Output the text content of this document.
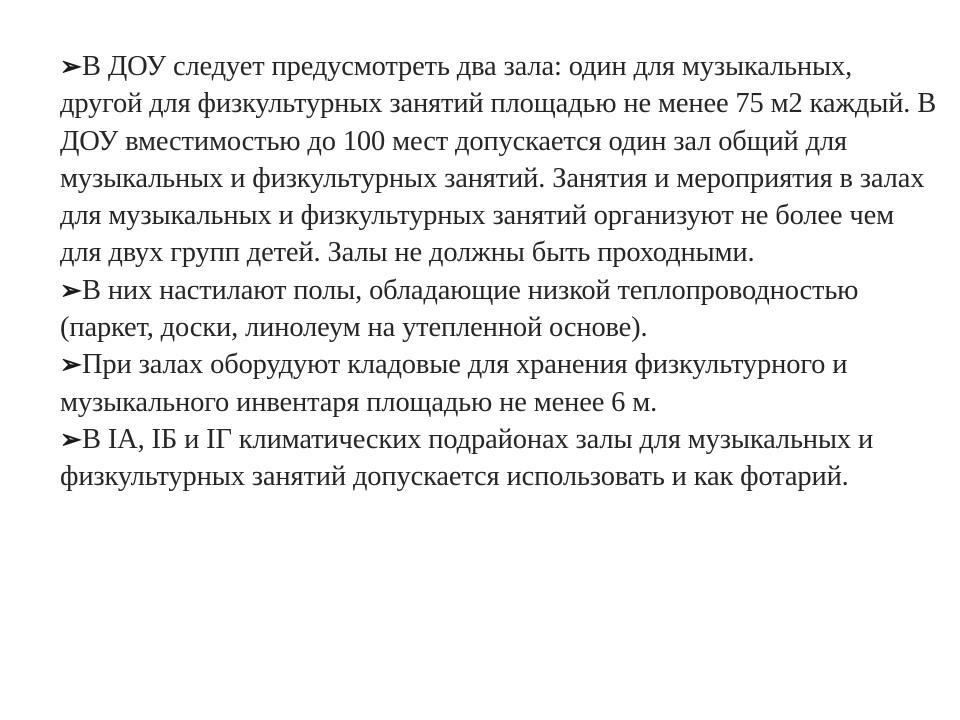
➢В ДОУ следует предусмотреть два зала: один для музыкальных, другой для физкультурных занятий площадью не менее 75 м2 каждый. В ДОУ вместимостью до 100 мест допускается один зал общий для музыкальных и физкультурных занятий. Занятия и мероприятия в залах для музыкальных и физкультурных занятий организуют не более чем для двух групп детей. Залы не должны быть проходными.

➢В них настилают полы, обладающие низкой теплопроводностью (паркет, доски, линолеум на утепленной основе).

➢При залах оборудуют кладовые для хранения физкультурного и музыкального инвентаря площадью не менее 6 м.

➢В IА, IБ и IГ климатических подрайонах залы для музыкальных и физкультурных занятий допускается использовать и как фотарий.
